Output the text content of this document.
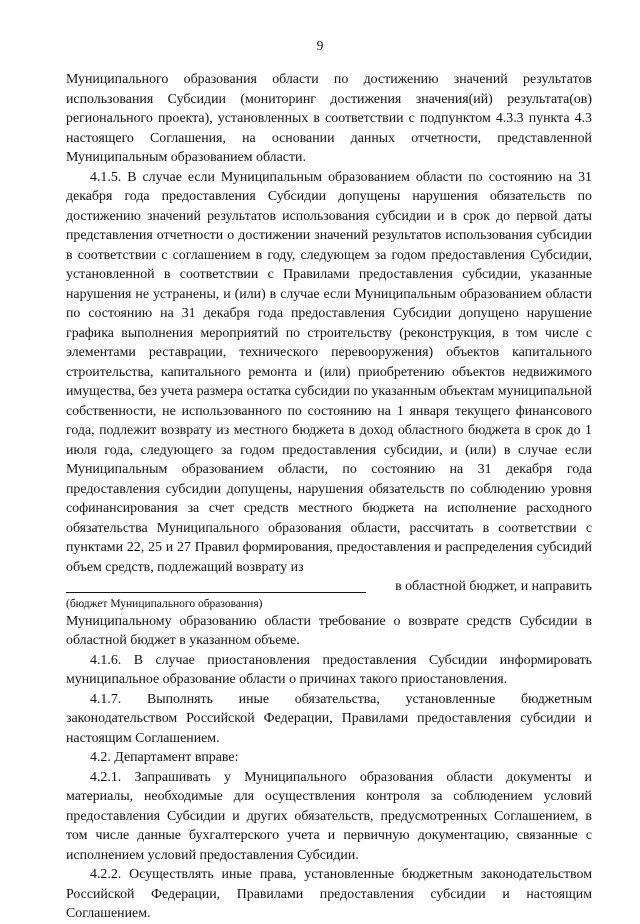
9

Муниципального образования области по достижению значений результатов использования Субсидии (мониторинг достижения значения(ий) результата(ов) регионального проекта), установленных в соответствии с подпунктом 4.3.3 пункта 4.3 настоящего Соглашения, на основании данных отчетности, представленной Муниципальным образованием области.

4.1.5. В случае если Муниципальным образованием области по состоянию на 31 декабря года предоставления Субсидии допущены нарушения обязательств по достижению значений результатов использования субсидии и в срок до первой даты представления отчетности о достижении значений результатов использования субсидии в соответствии с соглашением в году, следующем за годом предоставления Субсидии, установленной в соответствии с Правилами предоставления субсидии, указанные нарушения не устранены, и (или) в случае если Муниципальным образованием области по состоянию на 31 декабря года предоставления Субсидии допущено нарушение графика выполнения мероприятий по строительству (реконструкция, в том числе с элементами реставрации, технического перевооружения) объектов капитального строительства, капитального ремонта и (или) приобретению объектов недвижимого имущества, без учета размера остатка субсидии по указанным объектам муниципальной собственности, не использованного по состоянию на 1 января текущего финансового года, подлежит возврату из местного бюджета в доход областного бюджета в срок до 1 июля года, следующего за годом предоставления субсидии, и (или) в случае если Муниципальным образованием области, по состоянию на 31 декабря года предоставления субсидии допущены, нарушения обязательств по соблюдению уровня софинансирования за счет средств местного бюджета на исполнение расходного обязательства Муниципального образования области, рассчитать в соответствии с пунктами 22, 25 и 27 Правил формирования, предоставления и распределения субсидий объем средств, подлежащий возврату из

в областной бюджет, и направить

(бюджет Муниципального образования)

Муниципальному образованию области требование о возврате средств Субсидии в областной бюджет в указанном объеме.

4.1.6. В случае приостановления предоставления Субсидии информировать муниципальное образование области о причинах такого приостановления.

4.1.7. Выполнять иные обязательства, установленные бюджетным законодательством Российской Федерации, Правилами предоставления субсидии и настоящим Соглашением.

4.2. Департамент вправе:

4.2.1. Запрашивать у Муниципального образования области документы и материалы, необходимые для осуществления контроля за соблюдением условий предоставления Субсидии и других обязательств, предусмотренных Соглашением, в том числе данные бухгалтерского учета и первичную документацию, связанные с исполнением условий предоставления Субсидии.

4.2.2. Осуществлять иные права, установленные бюджетным законодательством Российской Федерации, Правилами предоставления субсидии и настоящим Соглашением.
